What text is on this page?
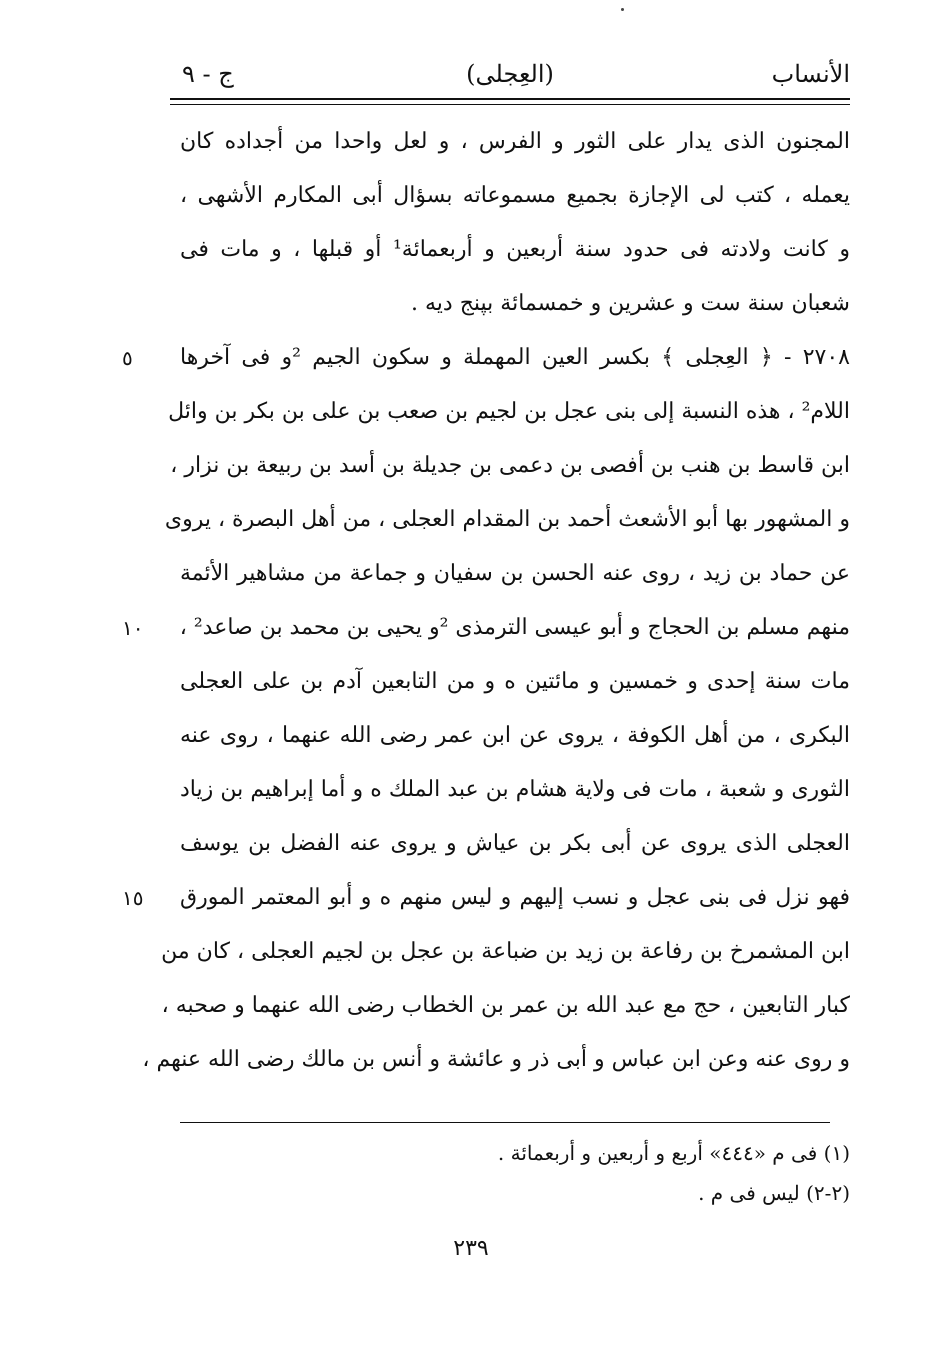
الأنساب
(العِجلى)
ج - ٩
المجنون الذى يدار على الثور و الفرس ، و لعل واحدا من أجداده كان
يعمله ، كتب لى الإجازة بجميع مسموعاته بسؤال أبى المكارم الأشهى ،
و كانت ولادته فى حدود سنة أربعين و أربعمائة¹ أو قبلها ، و مات فى
شعبان سنة ست و عشرين و خمسمائة بپنج ديه .
٢٧٠٨ - ﴿ العِجلى ﴾ بكسر العين المهملة و سكون الجيم ²و فى آخرها
٥
اللام² ، هذه النسبة إلى بنى عجل بن لجيم بن صعب بن على بن بكر بن وائل
ابن قاسط بن هنب بن أفصى بن دعمى بن جديلة بن أسد بن ربيعة بن نزار ،
و المشهور بها أبو الأشعث أحمد بن المقدام العجلى ، من أهل البصرة ، يروى
عن حماد بن زيد ، روى عنه الحسن بن سفيان و جماعة من مشاهير الأئمة
منهم مسلم بن الحجاج و أبو عيسى الترمذى ²و يحيى بن محمد بن صاعد² ،
١٠
مات سنة إحدى و خمسين و مائتين ه و من التابعين آدم بن على العجلى
البكرى ، من أهل الكوفة ، يروى عن ابن عمر رضى الله عنهما ، روى عنه
الثورى و شعبة ، مات فى ولاية هشام بن عبد الملك ه و أما إبراهيم بن زياد
العجلى الذى يروى عن أبى بكر بن عياش و يروى عنه الفضل بن يوسف
فهو نزل فى بنى عجل و نسب إليهم و ليس منهم ه و أبو المعتمر المورق
١٥
ابن المشمرخ بن رفاعة بن زيد بن ضباعة بن عجل بن لجيم العجلى ، كان من
كبار التابعين ، حج مع عبد الله بن عمر بن الخطاب رضى الله عنهما و صحبه ،
و روى عنه وعن ابن عباس و أبى ذر و عائشة و أنس بن مالك رضى الله عنهم ،
(١) فى م «٤٤٤» أربع و أربعين و أربعمائة .
(٢-٢) ليس فى م .
٢٣٩
